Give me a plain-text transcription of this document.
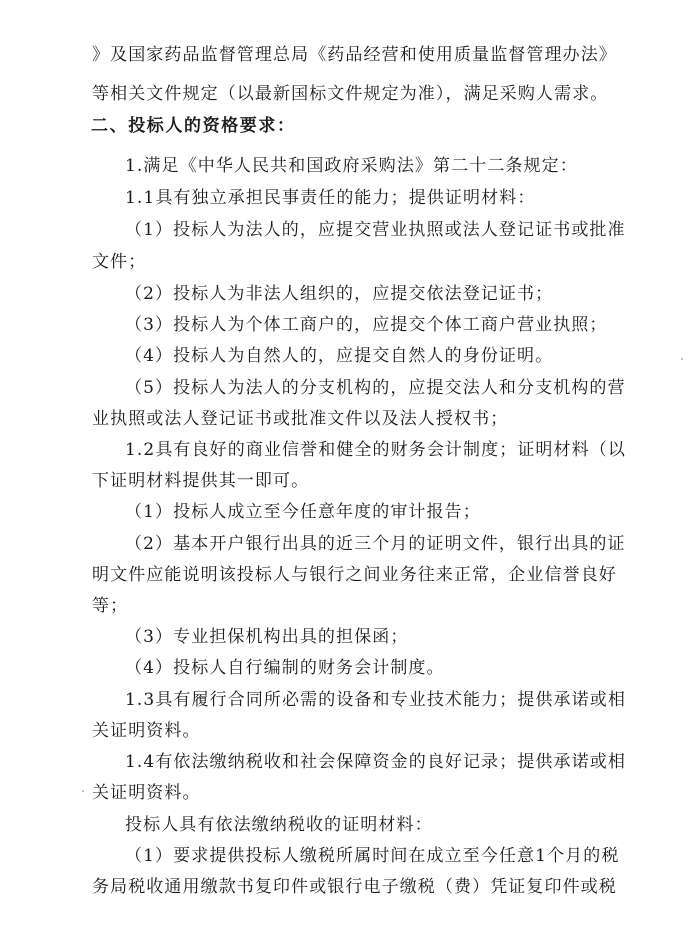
》及国家药品监督管理总局《药品经营和使用质量监督管理办法》
等相关文件规定（以最新国标文件规定为准），满足采购人需求。
二、投标人的资格要求：
1.满足《中华人民共和国政府采购法》第二十二条规定：
1.1具有独立承担民事责任的能力；提供证明材料：
（1）投标人为法人的，应提交营业执照或法人登记证书或批准
文件；
（2）投标人为非法人组织的，应提交依法登记证书；
（3）投标人为个体工商户的，应提交个体工商户营业执照；
（4）投标人为自然人的，应提交自然人的身份证明。
（5）投标人为法人的分支机构的，应提交法人和分支机构的营
业执照或法人登记证书或批准文件以及法人授权书；
1.2具有良好的商业信誉和健全的财务会计制度；证明材料（以
下证明材料提供其一即可。
（1）投标人成立至今任意年度的审计报告；
（2）基本开户银行出具的近三个月的证明文件，银行出具的证
明文件应能说明该投标人与银行之间业务往来正常，企业信誉良好
等；
（3）专业担保机构出具的担保函；
（4）投标人自行编制的财务会计制度。
1.3具有履行合同所必需的设备和专业技术能力；提供承诺或相
关证明资料。
1.4有依法缴纳税收和社会保障资金的良好记录；提供承诺或相
关证明资料。
投标人具有依法缴纳税收的证明材料：
（1）要求提供投标人缴税所属时间在成立至今任意1个月的税
务局税收通用缴款书复印件或银行电子缴税（费）凭证复印件或税
